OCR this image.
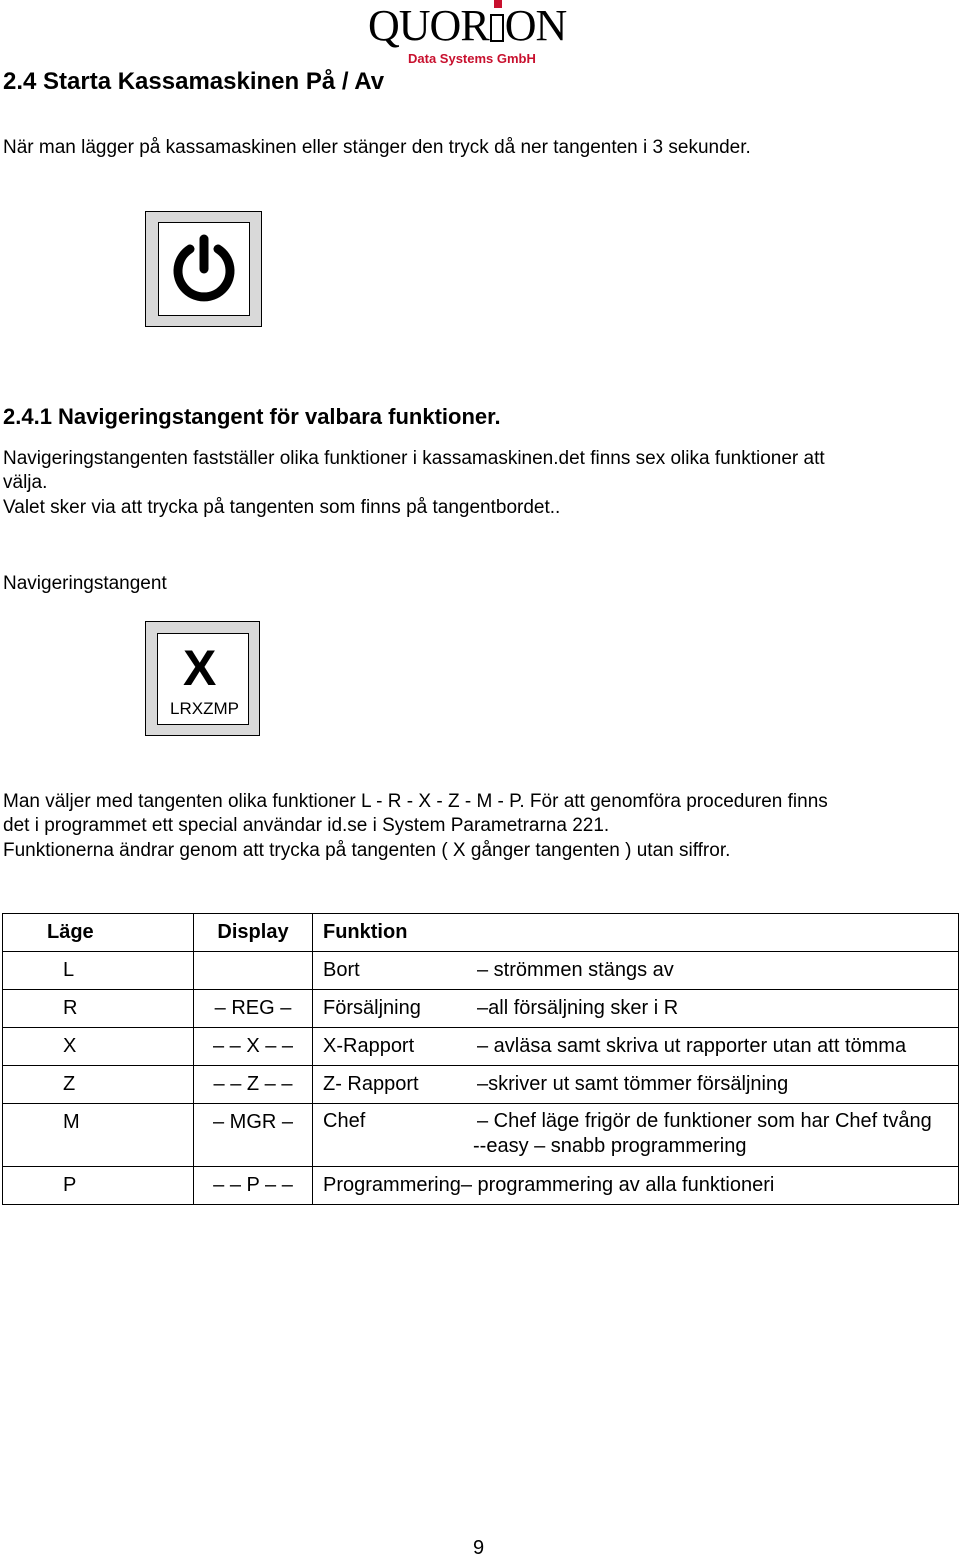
QUOR ON
Data Systems GmbH
2.4 Starta Kassamaskinen På / Av
När man lägger på kassamaskinen eller stänger den tryck då ner tangenten i 3 sekunder.
2.4.1 Navigeringstangent för valbara funktioner.
Navigeringstangenten fastställer olika funktioner i kassamaskinen.det finns sex olika funktioner att
välja.
Valet sker via att trycka på tangenten som finns på tangentbordet..
Navigeringstangent
X
LRXZMP
Man väljer med tangenten olika funktioner L - R - X - Z - M - P. För att genomföra proceduren finns
det i programmet ett special användar id.se i System Parametrarna 221.
Funktionerna ändrar genom att trycka på tangenten ( X gånger tangenten ) utan siffror.
Läge	Display	Funktion
L		Bort – strömmen stängs av

R	– REG –	Försäljning –all försäljning sker i R

X	– – X – –	X-Rapport – avläsa samt skriva ut rapporter utan att tömma

Z	– – Z – –	Z- Rapport –skriver ut samt tömmer försäljning

M	– MGR –	Chef – Chef läge frigör de funktioner som har Chef tvång
--easy – snabb programmering

P	– – P – –	Programmering– programmering av alla funktioneri
9
